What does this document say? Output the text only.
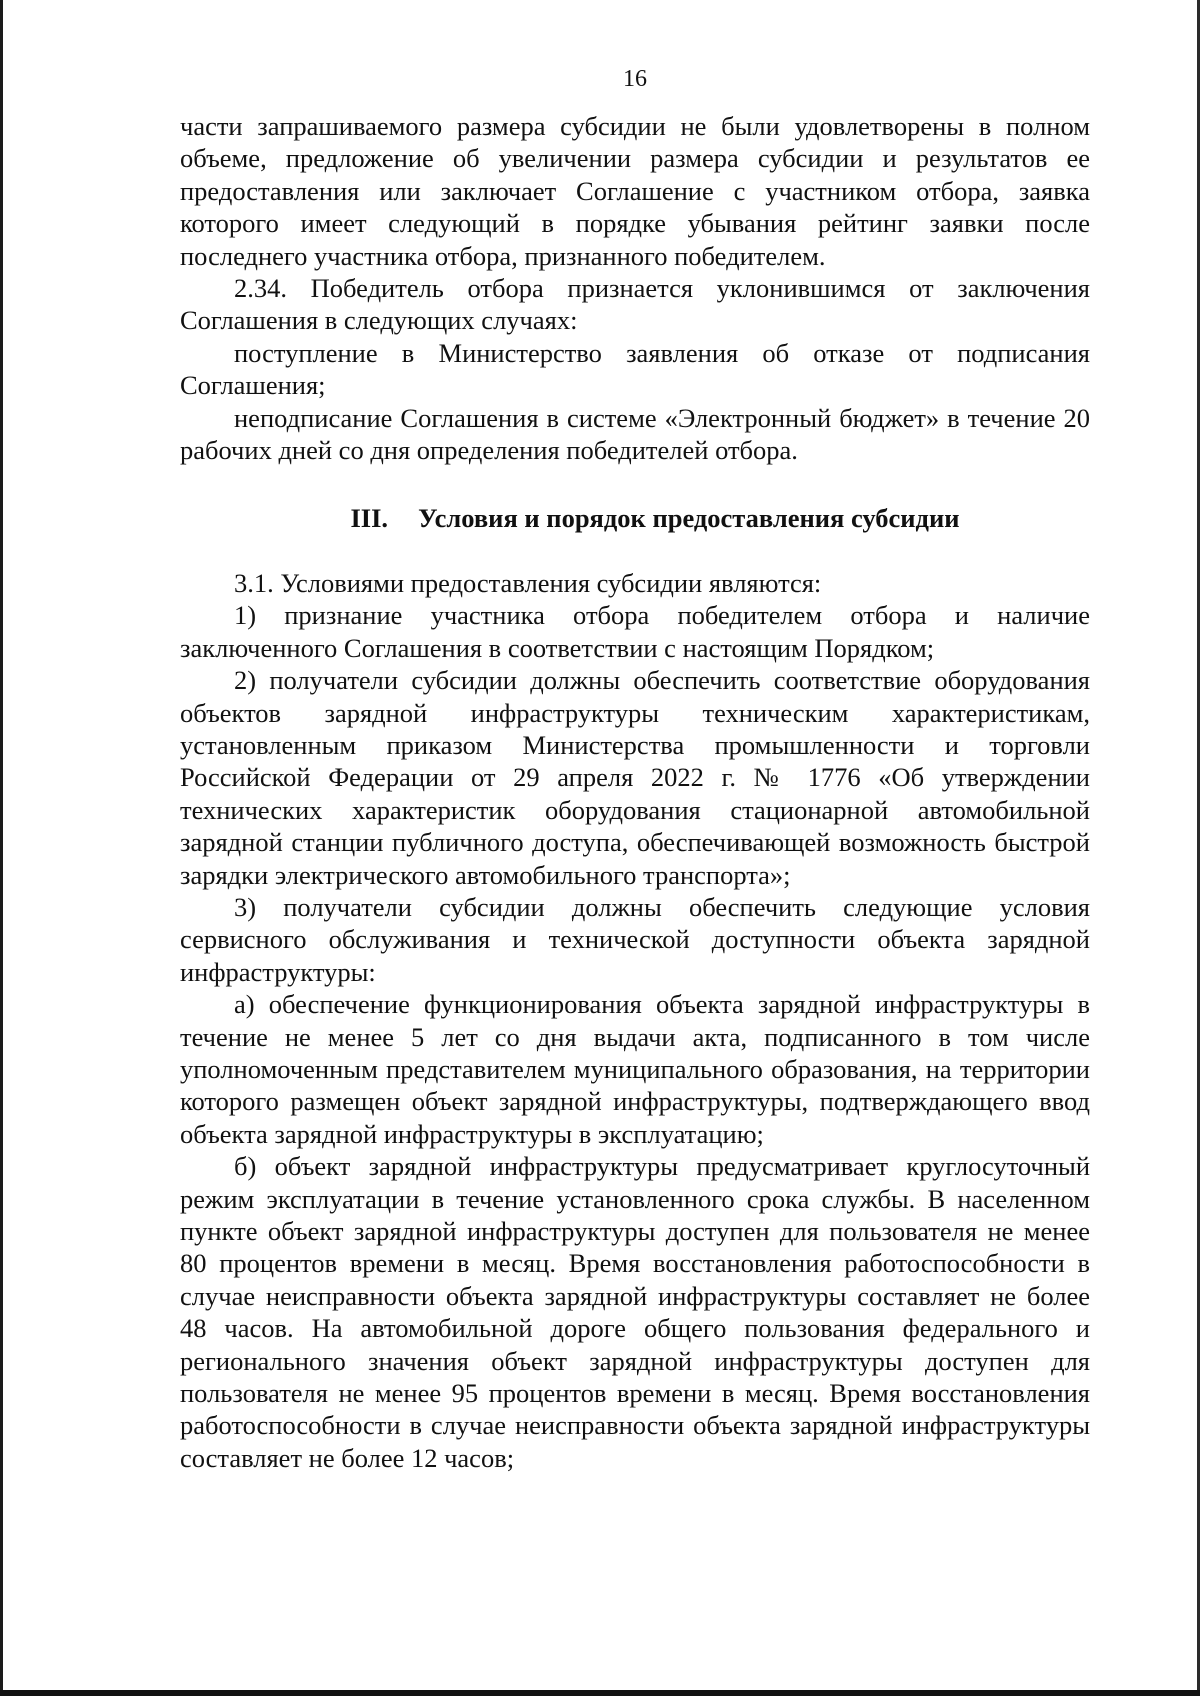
16

части запрашиваемого размера субсидии не были удовлетворены в полном объеме, предложение об увеличении размера субсидии и результатов ее предоставления или заключает Соглашение с участником отбора, заявка которого имеет следующий в порядке убывания рейтинг заявки после последнего участника отбора, признанного победителем.

2.34. Победитель отбора признается уклонившимся от заключения Соглашения в следующих случаях:

поступление в Министерство заявления об отказе от подписания Соглашения;

неподписание Соглашения в системе «Электронный бюджет» в течение 20 рабочих дней со дня определения победителей отбора.

III. Условия и порядок предоставления субсидии

3.1. Условиями предоставления субсидии являются:

1) признание участника отбора победителем отбора и наличие заключенного Соглашения в соответствии с настоящим Порядком;

2) получатели субсидии должны обеспечить соответствие оборудования объектов зарядной инфраструктуры техническим характеристикам, установленным приказом Министерства промышленности и торговли Российской Федерации от 29 апреля 2022 г. № 1776 «Об утверждении технических характеристик оборудования стационарной автомобильной зарядной станции публичного доступа, обеспечивающей возможность быстрой зарядки электрического автомобильного транспорта»;

3) получатели субсидии должны обеспечить следующие условия сервисного обслуживания и технической доступности объекта зарядной инфраструктуры:

а) обеспечение функционирования объекта зарядной инфраструктуры в течение не менее 5 лет со дня выдачи акта, подписанного в том числе уполномоченным представителем муниципального образования, на территории которого размещен объект зарядной инфраструктуры, подтверждающего ввод объекта зарядной инфраструктуры в эксплуатацию;

б) объект зарядной инфраструктуры предусматривает круглосуточный режим эксплуатации в течение установленного срока службы. В населенном пункте объект зарядной инфраструктуры доступен для пользователя не менее 80 процентов времени в месяц. Время восстановления работоспособности в случае неисправности объекта зарядной инфраструктуры составляет не более 48 часов. На автомобильной дороге общего пользования федерального и регионального значения объект зарядной инфраструктуры доступен для пользователя не менее 95 процентов времени в месяц. Время восстановления работоспособности в случае неисправности объекта зарядной инфраструктуры составляет не более 12 часов;
